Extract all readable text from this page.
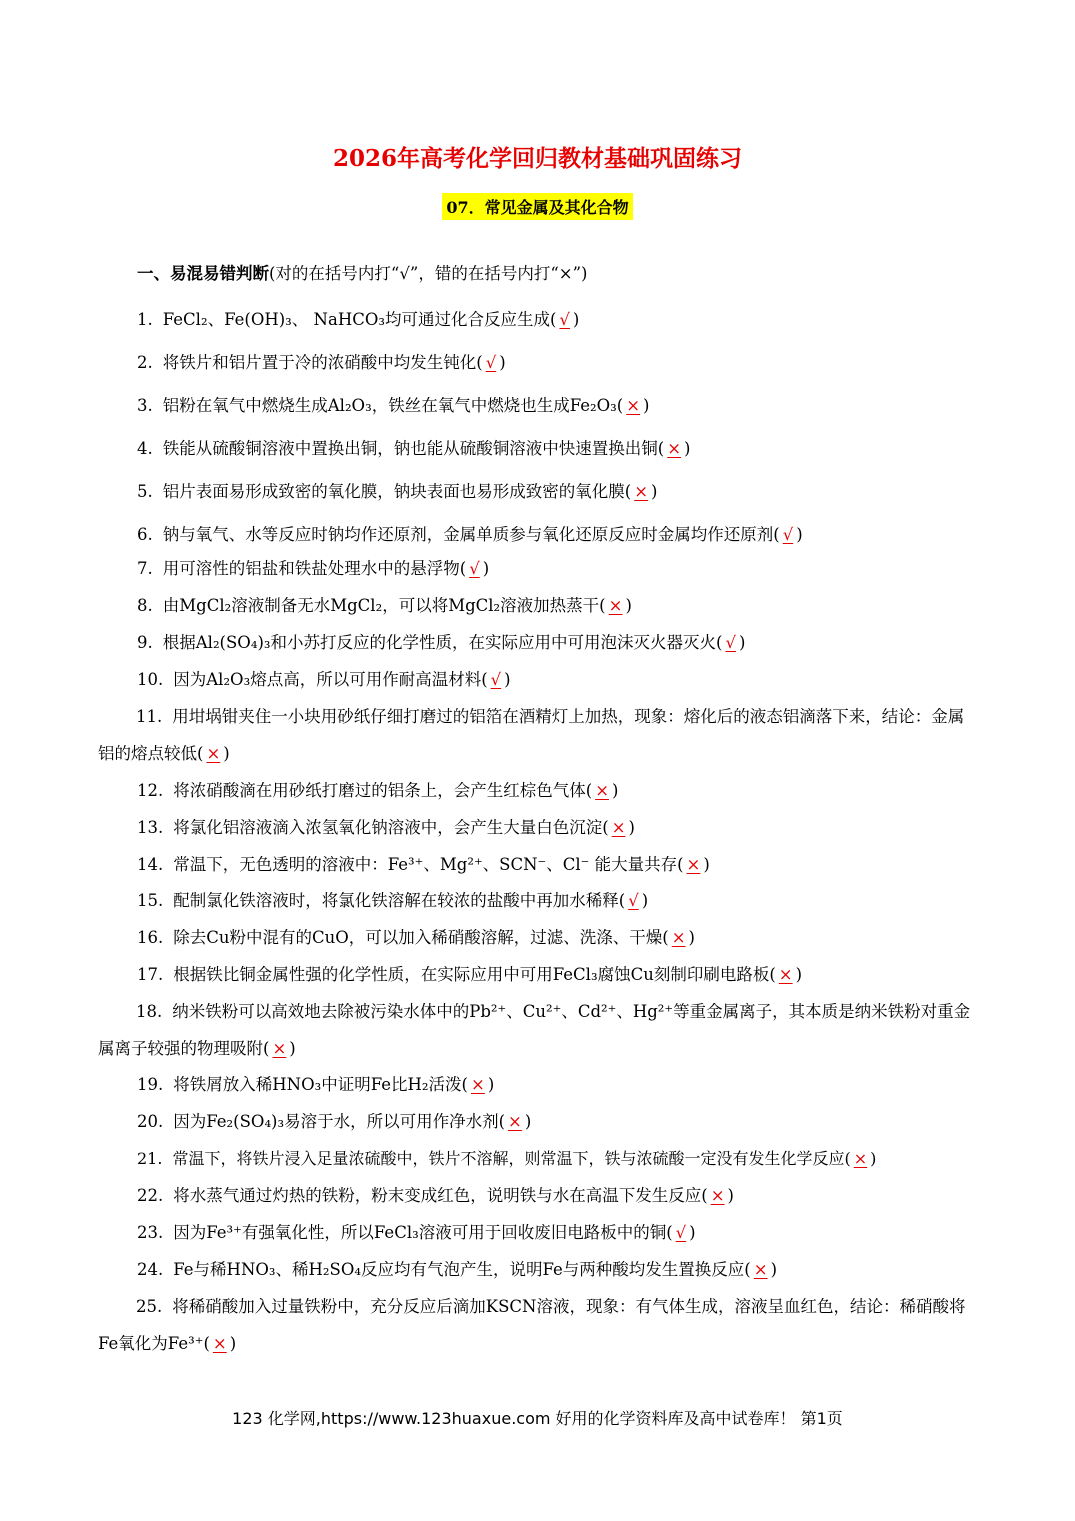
2026年高考化学回归教材基础巩固练习
07．常见金属及其化合物
一、易混易错判断(对的在括号内打“√”，错的在括号内打“×”)
1. FeCl₂、Fe(OH)₃、 NaHCO₃均可通过化合反应生成( √ )
2. 将铁片和铝片置于冷的浓硝酸中均发生钝化( √ )
3. 铝粉在氧气中燃烧生成Al₂O₃，铁丝在氧气中燃烧也生成Fe₂O₃( × )
4. 铁能从硫酸铜溶液中置换出铜，钠也能从硫酸铜溶液中快速置换出铜( × )
5. 铝片表面易形成致密的氧化膜，钠块表面也易形成致密的氧化膜( × )
6. 钠与氧气、水等反应时钠均作还原剂，金属单质参与氧化还原反应时金属均作还原剂( √ )
7. 用可溶性的铝盐和铁盐处理水中的悬浮物( √ )
8. 由MgCl₂溶液制备无水MgCl₂，可以将MgCl₂溶液加热蒸干( × )
9. 根据Al₂(SO₄)₃和小苏打反应的化学性质，在实际应用中可用泡沫灭火器灭火( √ )
10. 因为Al₂O₃熔点高，所以可用作耐高温材料( √ )
11. 用坩埚钳夹住一小块用砂纸仔细打磨过的铝箔在酒精灯上加热，现象：熔化后的液态铝滴落下来，结论：金属铝的熔点较低( × )
12. 将浓硝酸滴在用砂纸打磨过的铝条上，会产生红棕色气体( × )
13. 将氯化铝溶液滴入浓氢氧化钠溶液中，会产生大量白色沉淀( × )
14. 常温下，无色透明的溶液中：Fe³⁺、Mg²⁺、SCN⁻、Cl⁻ 能大量共存( × )
15. 配制氯化铁溶液时，将氯化铁溶解在较浓的盐酸中再加水稀释( √ )
16. 除去Cu粉中混有的CuO，可以加入稀硝酸溶解，过滤、洗涤、干燥( × )
17. 根据铁比铜金属性强的化学性质，在实际应用中可用FeCl₃腐蚀Cu刻制印刷电路板( × )
18. 纳米铁粉可以高效地去除被污染水体中的Pb²⁺、Cu²⁺、Cd²⁺、Hg²⁺等重金属离子，其本质是纳米铁粉对重金属离子较强的物理吸附( × )
19. 将铁屑放入稀HNO₃中证明Fe比H₂活泼( × )
20. 因为Fe₂(SO₄)₃易溶于水，所以可用作净水剂( × )
21. 常温下，将铁片浸入足量浓硫酸中，铁片不溶解，则常温下，铁与浓硫酸一定没有发生化学反应( × )
22. 将水蒸气通过灼热的铁粉，粉末变成红色，说明铁与水在高温下发生反应( × )
23. 因为Fe³⁺有强氧化性，所以FeCl₃溶液可用于回收废旧电路板中的铜( √ )
24. Fe与稀HNO₃、稀H₂SO₄反应均有气泡产生，说明Fe与两种酸均发生置换反应( × )
25. 将稀硝酸加入过量铁粉中，充分反应后滴加KSCN溶液，现象：有气体生成，溶液呈血红色，结论：稀硝酸将Fe氧化为Fe³⁺( × )
123 化学网,https://www.123huaxue.com 好用的化学资料库及高中试卷库！ 第1页
